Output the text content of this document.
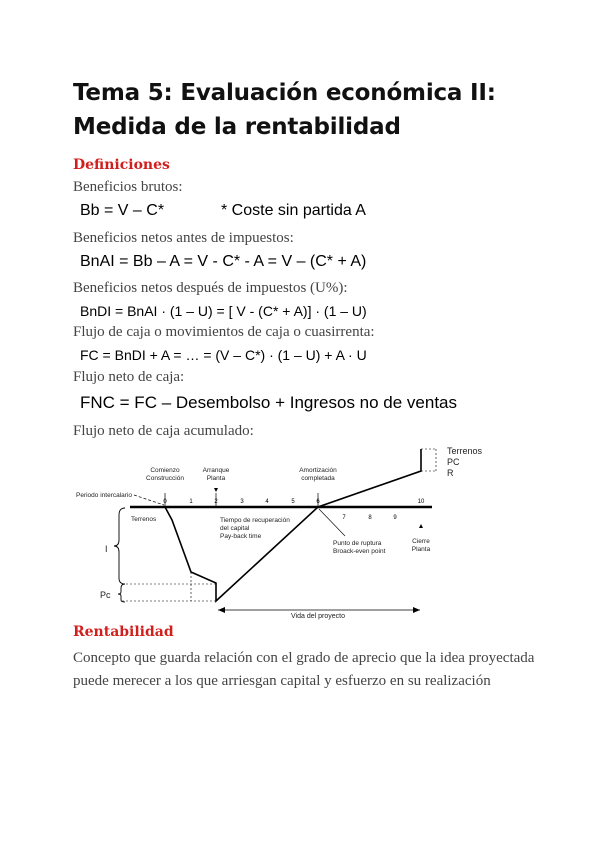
Tema 5: Evaluación económica II:
Medida de la rentabilidad
Definiciones
Beneficios brutos:
Bb = V – C*	* Coste sin partida A
Beneficios netos antes de impuestos:
BnAI = Bb – A = V - C* - A = V – (C* + A)
Beneficios netos después de impuestos (U%):
BnDI = BnAI · (1 – U) = [ V - (C* + A)] · (1 – U)
Flujo de caja o movimientos de caja o cuasirrenta:
FC = BnDI + A = … = (V – C*) · (1 – U) + A · U
Flujo neto de caja:
FNC = FC – Desembolso + Ingresos no de ventas
Flujo neto de caja acumulado:
0	1	2	3	4	5	6
7	8	9
10
Comienzo
Construcción
Arranque
Planta
Amortización
completada
Periodo intercalario
I
Pc
Terrenos	Tiempo de recuperación
del capital
Pay-back time
Punto de ruptura
Broack-even point
Cierre
Planta
Vida del proyecto
Terrenos
PC
R
Rentabilidad
Concepto que guarda relación con el grado de aprecio que la idea proyectada puede merecer a los que arriesgan capital y esfuerzo en su realización
